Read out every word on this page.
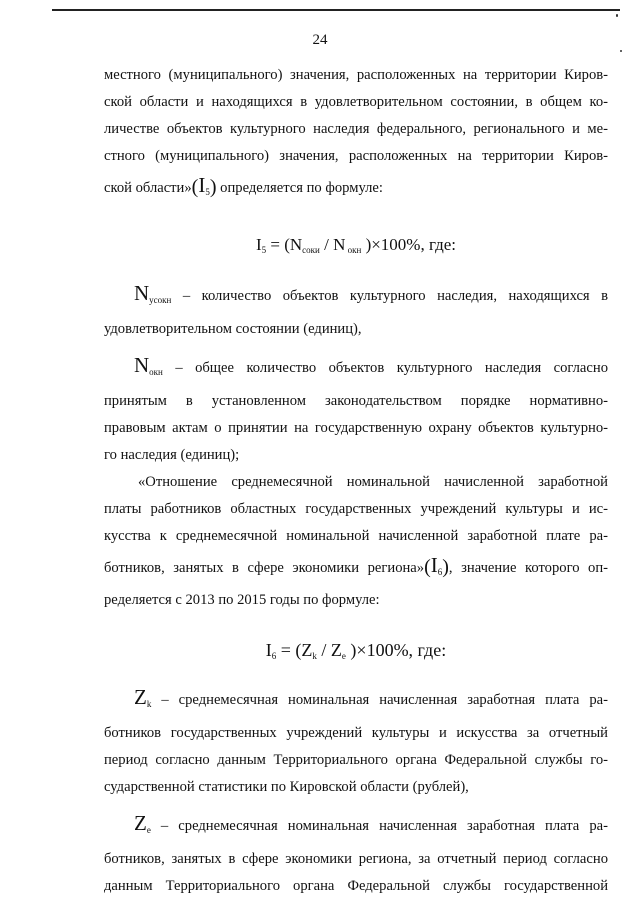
24

местного (муниципального) значения, расположенных на территории Киров-

ской области и находящихся в удовлетворительном состоянии, в общем ко-

личестве объектов культурного наследия федерального, регионального и ме-

стного (муниципального) значения, расположенных на территории Киров-

ской $области»(I_5)$ определяется по формуле:

$I_5 = (N_{соки} / N$ $_{окн}$ )×100%, где:

$N_{усокн}$ – количество объектов культурного наследия, находящихся в

удовлетворительном состоянии (единиц),

$N_{окн}$ – общее количество объектов культурного наследия согласно

принятым в установленном законодательством порядке нормативно-

правовым актам о принятии на государственную охрану объектов культурно-

го наследия (единиц);

«Отношение среднемесячной номинальной начисленной заработной

платы работников областных государственных учреждений культуры и ис-

кусства к среднемесячной номинальной начисленной заработной плате ра-

ботников, занятых в сфере экономики $региона»(I_6)$, значение которого оп-

ределяется с 2013 по 2015 годы по формуле:

$I_6 = (Z_k / Z_e$ )×100%, где:

$Z_k$ – среднемесячная номинальная начисленная заработная плата ра-

ботников государственных учреждений культуры и искусства за отчетный

период согласно данным Территориального органа Федеральной службы го-

сударственной статистики по Кировской области (рублей),

$Z_e$ – среднемесячная номинальная начисленная заработная плата ра-

ботников, занятых в сфере экономики региона, за отчетный период согласно

данным Территориального органа Федеральной службы государственной
